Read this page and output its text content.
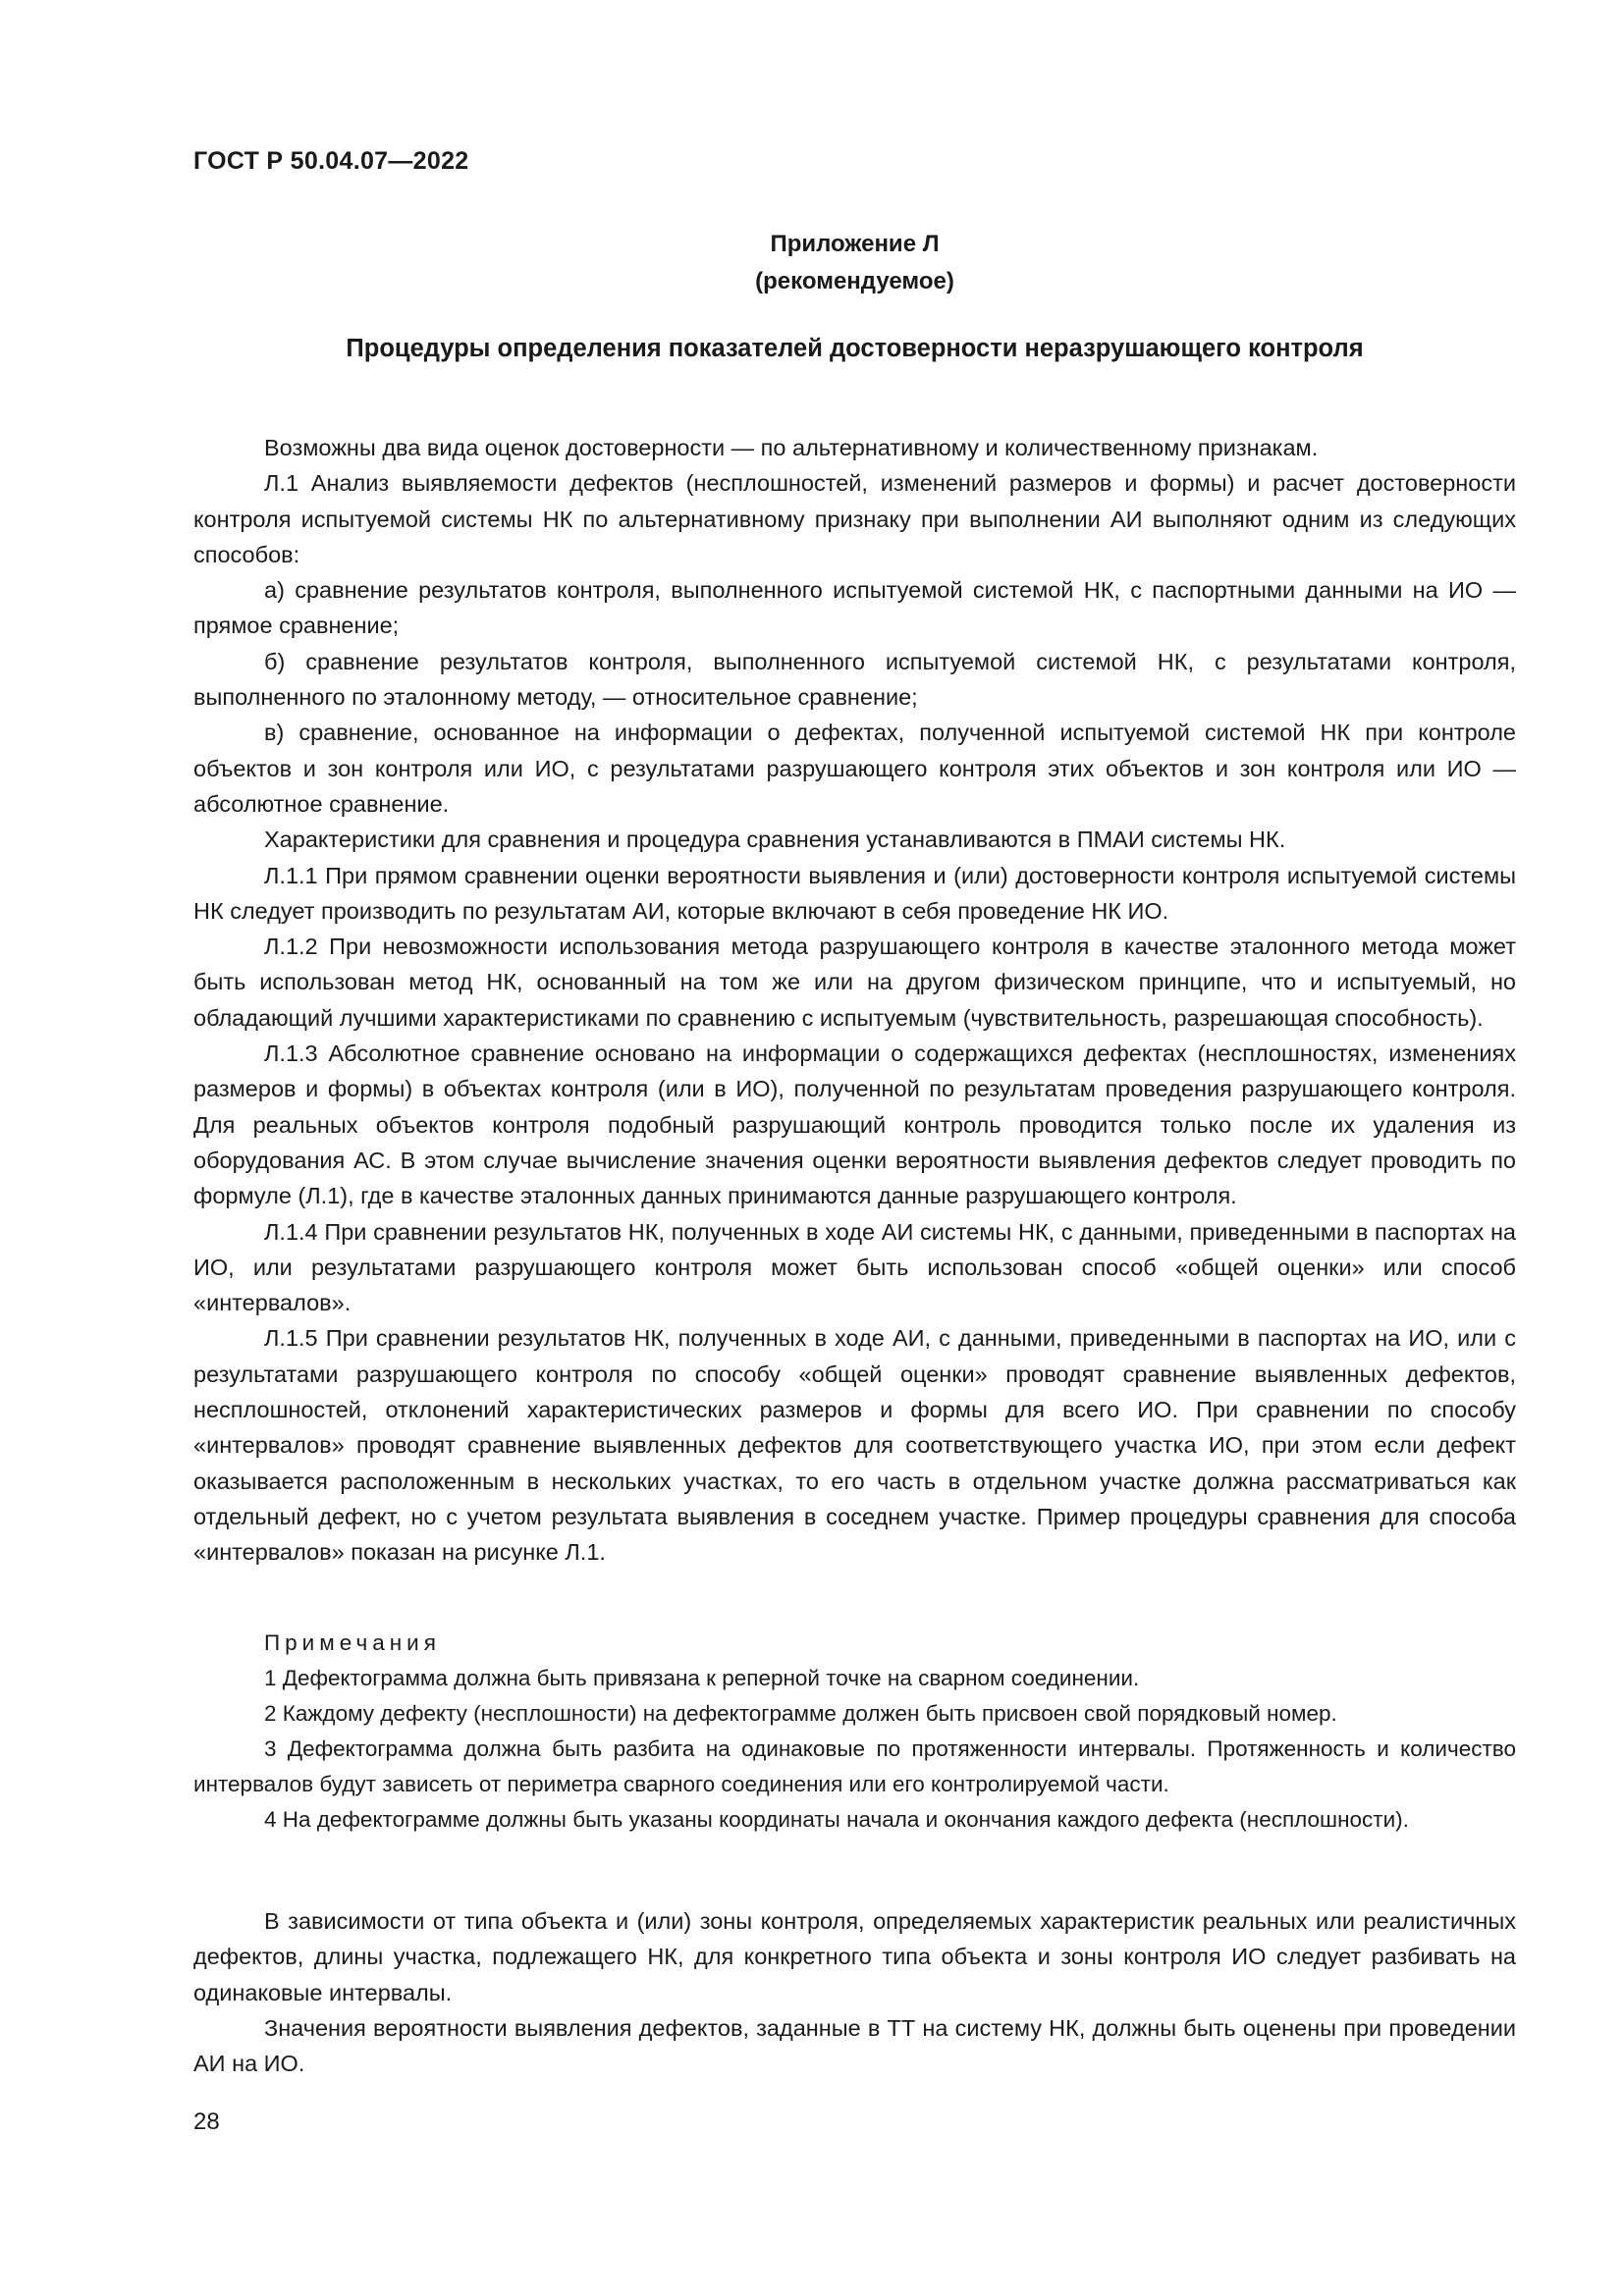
ГОСТ Р 50.04.07—2022
Приложение Л
(рекомендуемое)
Процедуры определения показателей достоверности неразрушающего контроля

Возможны два вида оценок достоверности — по альтернативному и количественному признакам.

Л.1 Анализ выявляемости дефектов (несплошностей, изменений размеров и формы) и расчет достоверности контроля испытуемой системы НК по альтернативному признаку при выполнении АИ выполняют одним из следующих способов:

а) сравнение результатов контроля, выполненного испытуемой системой НК, с паспортными данными на ИО — прямое сравнение;

б) сравнение результатов контроля, выполненного испытуемой системой НК, с результатами контроля, выполненного по эталонному методу, — относительное сравнение;

в) сравнение, основанное на информации о дефектах, полученной испытуемой системой НК при контроле объектов и зон контроля или ИО, с результатами разрушающего контроля этих объектов и зон контроля или ИО — абсолютное сравнение.

Характеристики для сравнения и процедура сравнения устанавливаются в ПМАИ системы НК.

Л.1.1 При прямом сравнении оценки вероятности выявления и (или) достоверности контроля испытуемой системы НК следует производить по результатам АИ, которые включают в себя проведение НК ИО.

Л.1.2 При невозможности использования метода разрушающего контроля в качестве эталонного метода может быть использован метод НК, основанный на том же или на другом физическом принципе, что и испытуемый, но обладающий лучшими характеристиками по сравнению с испытуемым (чувствительность, разрешающая способность).

Л.1.3 Абсолютное сравнение основано на информации о содержащихся дефектах (несплошностях, изменениях размеров и формы) в объектах контроля (или в ИО), полученной по результатам проведения разрушающего контроля. Для реальных объектов контроля подобный разрушающий контроль проводится только после их удаления из оборудования АС. В этом случае вычисление значения оценки вероятности выявления дефектов следует проводить по формуле (Л.1), где в качестве эталонных данных принимаются данные разрушающего контроля.

Л.1.4 При сравнении результатов НК, полученных в ходе АИ системы НК, с данными, приведенными в паспортах на ИО, или результатами разрушающего контроля может быть использован способ «общей оценки» или способ «интервалов».

Л.1.5 При сравнении результатов НК, полученных в ходе АИ, с данными, приведенными в паспортах на ИО, или с результатами разрушающего контроля по способу «общей оценки» проводят сравнение выявленных дефектов, несплошностей, отклонений характеристических размеров и формы для всего ИО. При сравнении по способу «интервалов» проводят сравнение выявленных дефектов для соответствующего участка ИО, при этом если дефект оказывается расположенным в нескольких участках, то его часть в отдельном участке должна рассматриваться как отдельный дефект, но с учетом результата выявления в соседнем участке. Пример процедуры сравнения для способа «интервалов» показан на рисунке Л.1.

Примечания

1 Дефектограмма должна быть привязана к реперной точке на сварном соединении.

2 Каждому дефекту (несплошности) на дефектограмме должен быть присвоен свой порядковый номер.

3 Дефектограмма должна быть разбита на одинаковые по протяженности интервалы. Протяженность и количество интервалов будут зависеть от периметра сварного соединения или его контролируемой части.

4 На дефектограмме должны быть указаны координаты начала и окончания каждого дефекта (несплошности).

В зависимости от типа объекта и (или) зоны контроля, определяемых характеристик реальных или реалистичных дефектов, длины участка, подлежащего НК, для конкретного типа объекта и зоны контроля ИО следует разбивать на одинаковые интервалы.

Значения вероятности выявления дефектов, заданные в ТТ на систему НК, должны быть оценены при проведении АИ на ИО.

28
